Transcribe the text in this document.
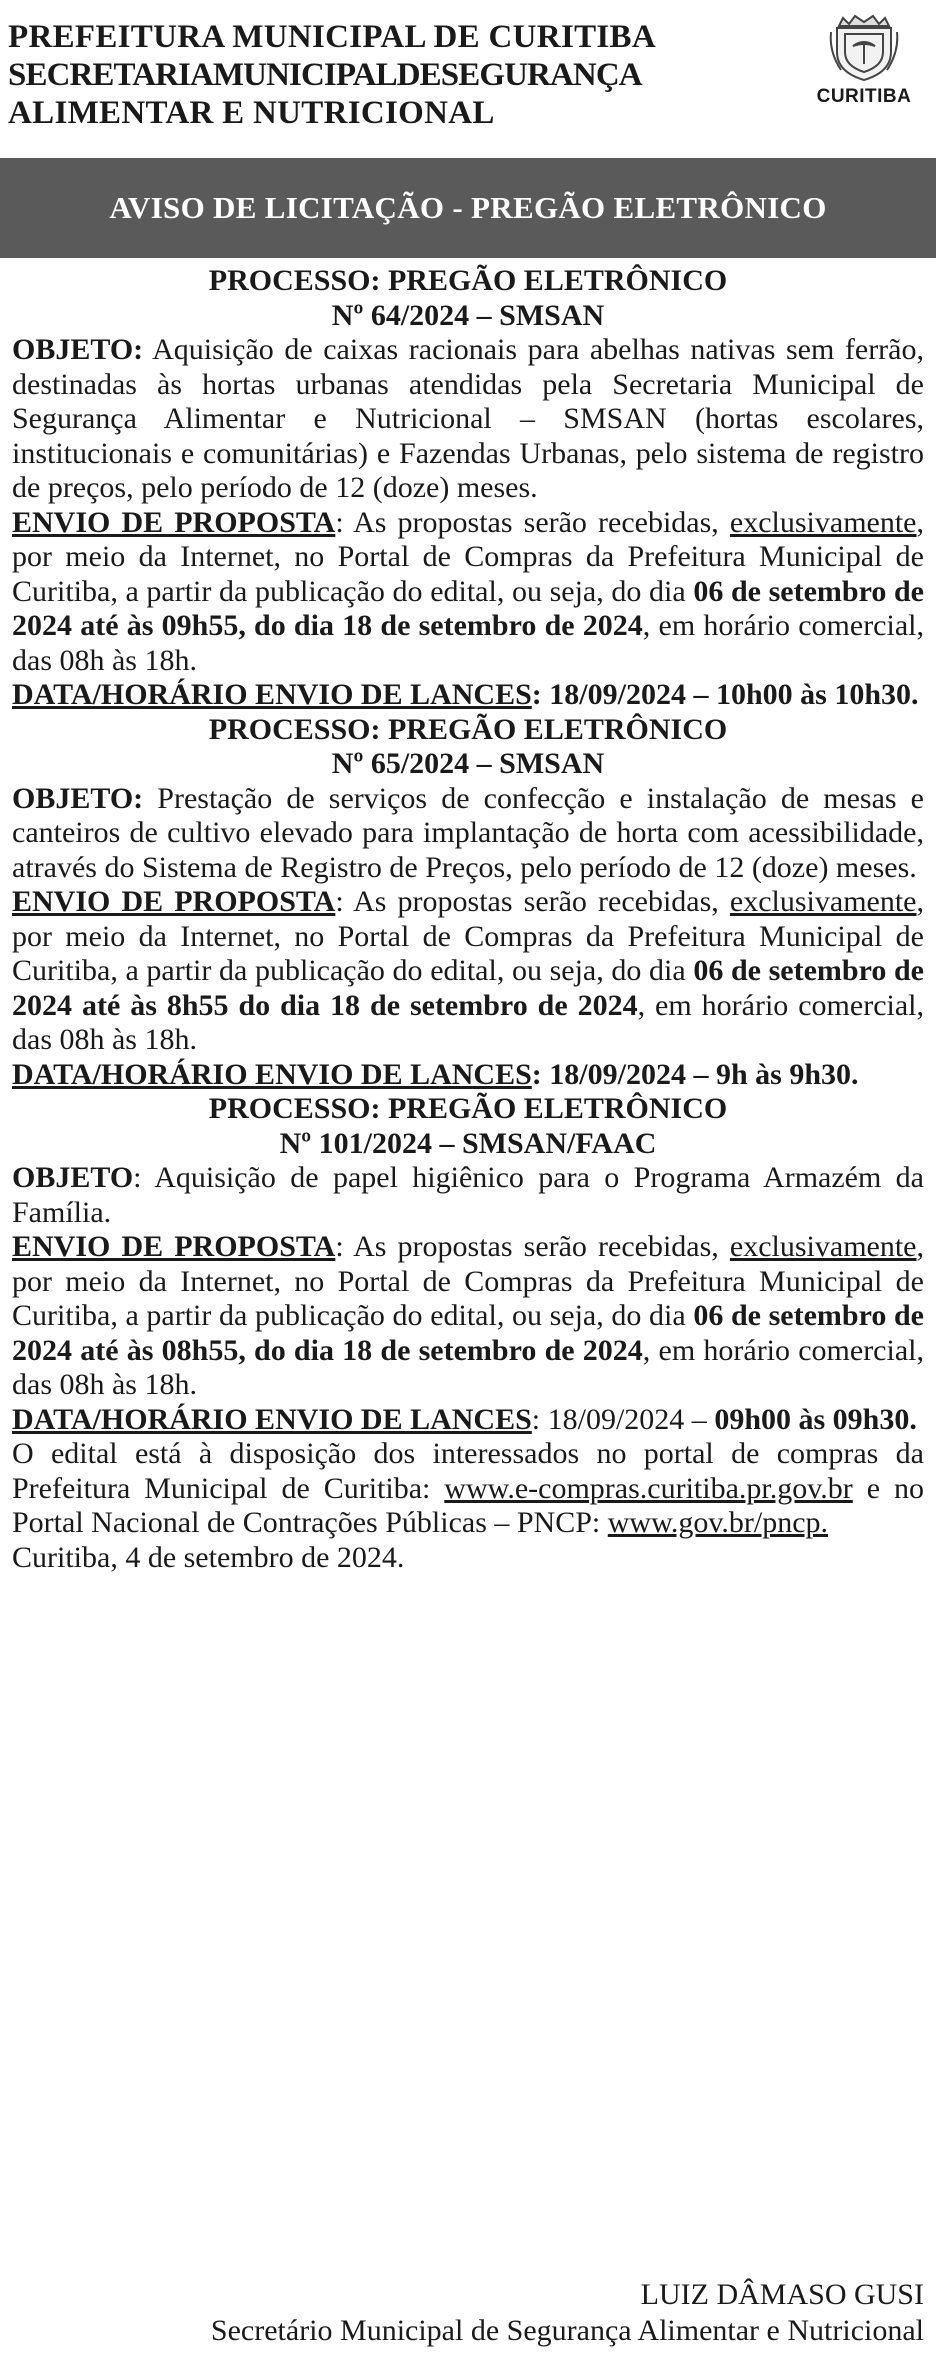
PREFEITURA MUNICIPAL DE CURITIBA
SECRETARIAMUNICIPALDESEGURANÇA
ALIMENTAR E NUTRICIONAL	CURITIBA
AVISO DE LICITAÇÃO - PREGÃO ELETRÔNICO

PROCESSO: PREGÃO ELETRÔNICO

Nº 64/2024 – SMSAN

OBJETO: Aquisição de caixas racionais para abelhas nativas sem ferrão, destinadas às hortas urbanas atendidas pela Secretaria Municipal de Segurança Alimentar e Nutricional – SMSAN (hortas escolares, institucionais e comunitárias) e Fazendas Urbanas, pelo sistema de registro de preços, pelo período de 12 (doze) meses.

ENVIO DE PROPOSTA: As propostas serão recebidas, exclusivamente, por meio da Internet, no Portal de Compras da Prefeitura Municipal de Curitiba, a partir da publicação do edital, ou seja, do dia 06 de setembro de 2024 até às 09h55, do dia 18 de setembro de 2024, em horário comercial, das 08h às 18h.

DATA/HORÁRIO ENVIO DE LANCES: 18/09/2024 – 10h00 às 10h30.

PROCESSO: PREGÃO ELETRÔNICO

Nº 65/2024 – SMSAN

OBJETO: Prestação de serviços de confecção e instalação de mesas e canteiros de cultivo elevado para implantação de horta com acessibilidade, através do Sistema de Registro de Preços, pelo período de 12 (doze) meses.

ENVIO DE PROPOSTA: As propostas serão recebidas, exclusivamente, por meio da Internet, no Portal de Compras da Prefeitura Municipal de Curitiba, a partir da publicação do edital, ou seja, do dia 06 de setembro de 2024 até às 8h55 do dia 18 de setembro de 2024, em horário comercial, das 08h às 18h.

DATA/HORÁRIO ENVIO DE LANCES: 18/09/2024 – 9h às 9h30.

PROCESSO: PREGÃO ELETRÔNICO

Nº 101/2024 – SMSAN/FAAC

OBJETO: Aquisição de papel higiênico para o Programa Armazém da Família.

ENVIO DE PROPOSTA: As propostas serão recebidas, exclusivamente, por meio da Internet, no Portal de Compras da Prefeitura Municipal de Curitiba, a partir da publicação do edital, ou seja, do dia 06 de setembro de 2024 até às 08h55, do dia 18 de setembro de 2024, em horário comercial, das 08h às 18h.

DATA/HORÁRIO ENVIO DE LANCES: 18/09/2024 – 09h00 às 09h30.

O edital está à disposição dos interessados no portal de compras da Prefeitura Municipal de Curitiba: www.e-compras.curitiba.pr.gov.br e no Portal Nacional de Contrações Públicas – PNCP: www.gov.br/pncp.

Curitiba, 4 de setembro de 2024.

LUIZ DÂMASO GUSI
Secretário Municipal de Segurança Alimentar e Nutricional
